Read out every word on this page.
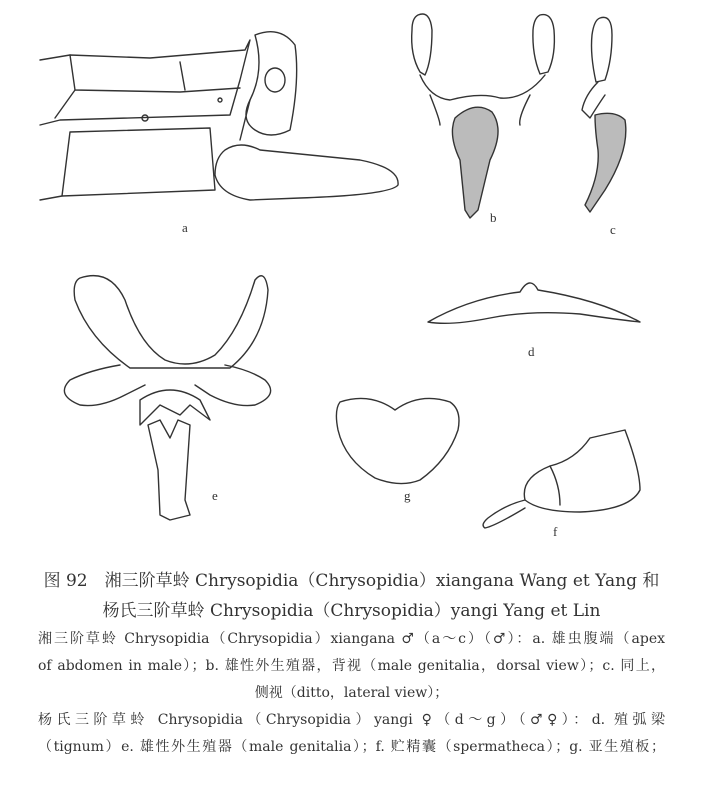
a
b
c
d
e
f
g
图 92　湘三阶草蛉 Chrysopidia（Chrysopidia）xiangana Wang et Yang 和
杨氏三阶草蛉 Chrysopidia（Chrysopidia）yangi Yang et Lin
湘三阶草蛉 Chrysopidia（Chrysopidia）xiangana ♂（a～c）（♂）：a. 雄虫腹端（apex
of abdomen in male）；b. 雄性外生殖器，背视（male genitalia，dorsal view）；c. 同上，
侧视（ditto，lateral view）；
杨氏三阶草蛉 Chrysopidia（Chrysopidia）yangi ♀（d～g）（♂♀）：d. 殖弧梁
（tignum）e. 雄性外生殖器（male genitalia）；f. 贮精囊（spermatheca）；g. 亚生殖板；
